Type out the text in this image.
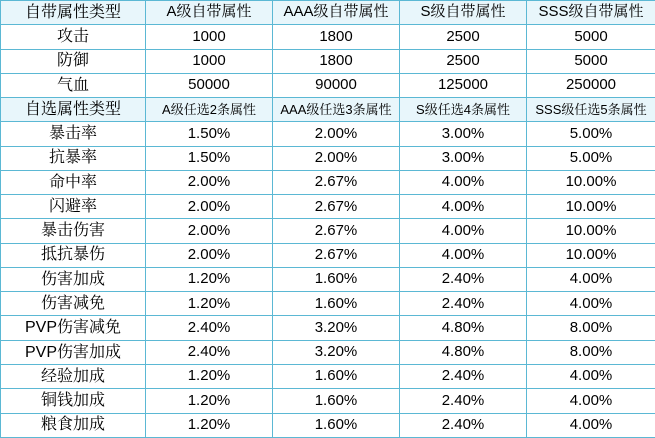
自带属性类型	A级自带属性	AAA级自带属性	S级自带属性	SSS级自带属性
攻击	1000	1800	2500	5000
防御	1000	1800	2500	5000
气血	50000	90000	125000	250000
自选属性类型	A级任选2条属性	AAA级任选3条属性	S级任选4条属性	SSS级任选5条属性
暴击率	1.50%	2.00%	3.00%	5.00%
抗暴率	1.50%	2.00%	3.00%	5.00%
命中率	2.00%	2.67%	4.00%	10.00%
闪避率	2.00%	2.67%	4.00%	10.00%
暴击伤害	2.00%	2.67%	4.00%	10.00%
抵抗暴伤	2.00%	2.67%	4.00%	10.00%
伤害加成	1.20%	1.60%	2.40%	4.00%
伤害减免	1.20%	1.60%	2.40%	4.00%
PVP伤害减免	2.40%	3.20%	4.80%	8.00%
PVP伤害加成	2.40%	3.20%	4.80%	8.00%
经验加成	1.20%	1.60%	2.40%	4.00%
铜钱加成	1.20%	1.60%	2.40%	4.00%
粮食加成	1.20%	1.60%	2.40%	4.00%
